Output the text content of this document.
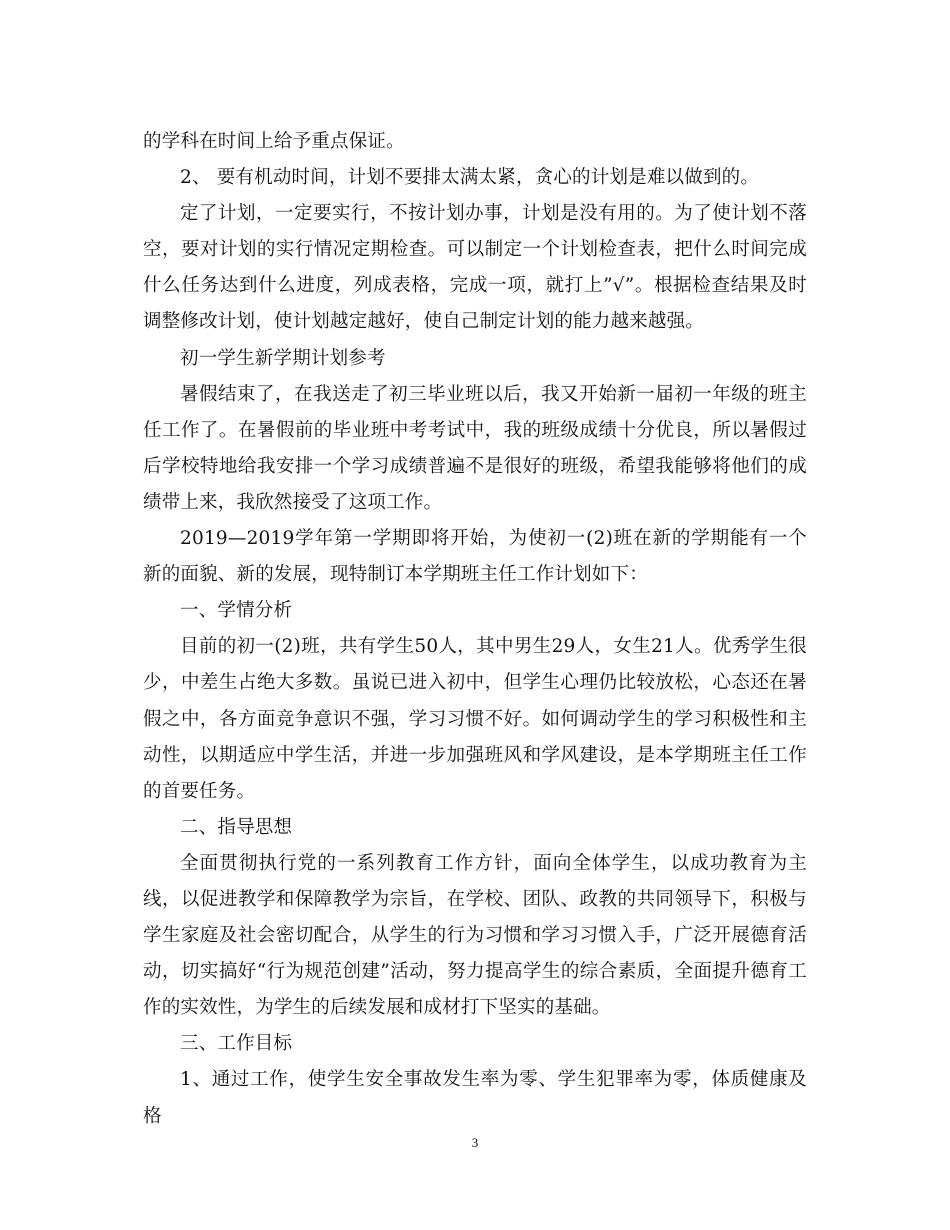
的学科在时间上给予重点保证。

2、 要有机动时间，计划不要排太满太紧，贪心的计划是难以做到的。

定了计划，一定要实行，不按计划办事，计划是没有用的。为了使计划不落空，要对计划的实行情况定期检查。可以制定一个计划检查表，把什么时间完成什么任务达到什么进度，列成表格，完成一项，就打上”√”。根据检查结果及时调整修改计划，使计划越定越好，使自己制定计划的能力越来越强。

初一学生新学期计划参考

暑假结束了，在我送走了初三毕业班以后，我又开始新一届初一年级的班主任工作了。在暑假前的毕业班中考考试中，我的班级成绩十分优良，所以暑假过后学校特地给我安排一个学习成绩普遍不是很好的班级，希望我能够将他们的成绩带上来，我欣然接受了这项工作。

2019—2019学年第一学期即将开始，为使初一(2)班在新的学期能有一个新的面貌、新的发展，现特制订本学期班主任工作计划如下：

一、学情分析

目前的初一(2)班，共有学生50人，其中男生29人，女生21人。优秀学生很少，中差生占绝大多数。虽说已进入初中，但学生心理仍比较放松，心态还在暑假之中，各方面竞争意识不强，学习习惯不好。如何调动学生的学习积极性和主动性，以期适应中学生活，并进一步加强班风和学风建设，是本学期班主任工作的首要任务。

二、指导思想

全面贯彻执行党的一系列教育工作方针，面向全体学生，以成功教育为主线，以促进教学和保障教学为宗旨，在学校、团队、政教的共同领导下，积极与学生家庭及社会密切配合，从学生的行为习惯和学习习惯入手，广泛开展德育活动，切实搞好“行为规范创建”活动，努力提高学生的综合素质，全面提升德育工作的实效性，为学生的后续发展和成材打下坚实的基础。

三、工作目标

1、通过工作，使学生安全事故发生率为零、学生犯罪率为零，体质健康及格

3
